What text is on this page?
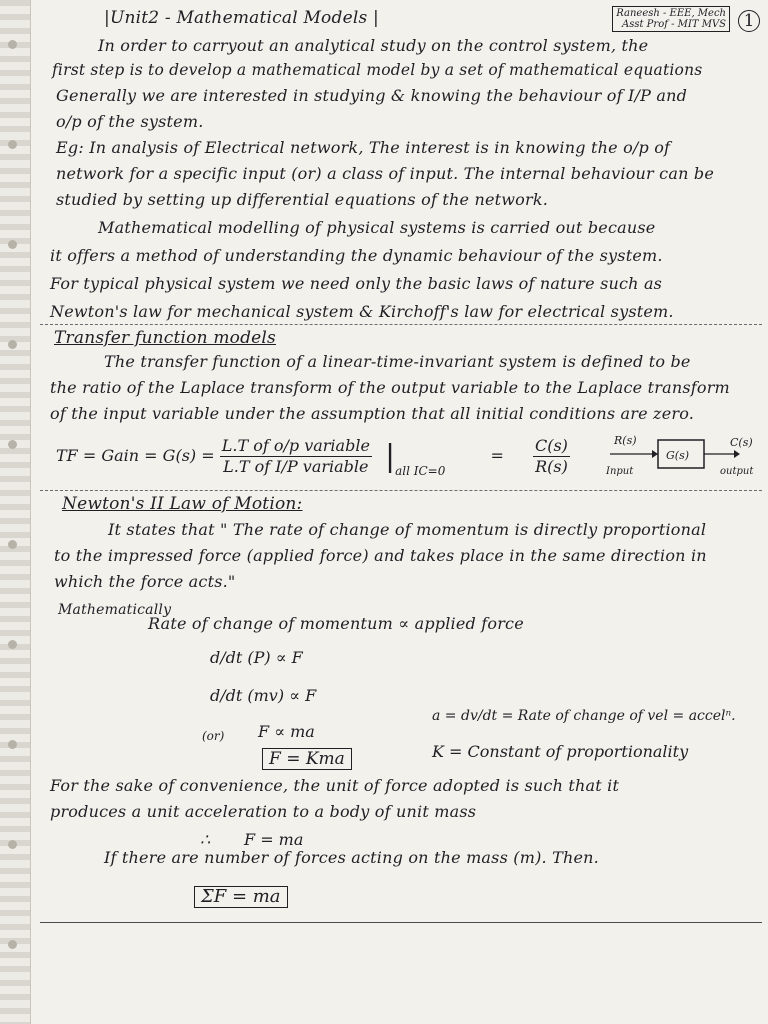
|Unit2 - Mathematical Models |	Raneesh - EEE, Mech
Asst Prof - MIT MVS	1
In order to carryout an analytical study on the control system, the
first step is to develop a mathematical model by a set of mathematical equations
Generally we are interested in studying & knowing the behaviour of I/P and
o/p of the system.
Eg: In analysis of Electrical network, The interest is in knowing the o/p of
network for a specific input (or) a class of input. The internal behaviour can be
studied by setting up differential equations of the network.
Mathematical modelling of physical systems is carried out because
it offers a method of understanding the dynamic behaviour of the system.
For typical physical system we need only the basic laws of nature such as
Newton's law for mechanical system & Kirchoff's law for electrical system.
Transfer function models
The transfer function of a linear-time-invariant system is defined to be
the ratio of the Laplace transform of the output variable to the Laplace transform
of the input variable under the assumption that all initial conditions are zero.
TF = Gain = $G(s) = \frac{\text{L.T of o/p variable}}{\text{L.T of I/P variable}} |_{all IC=0} = \frac{C(s)}{R(s)}$	R(s)
G(s)
C(s)
Input	output
Newton's II Law of Motion:
It states that " The rate of change of momentum is directly proportional
to the impressed force (applied force) and takes place in the same direction in
which the force acts."
Mathematically
Rate of change of momentum ∝ applied force
d/dt (P) ∝ F
d/dt (mv) ∝ F
(or) F ∝ ma
a = dv/dt = Rate of change of vel = accelⁿ.
F = Kma	K = Constant of proportionality
For the sake of convenience, the unit of force adopted is such that it
produces a unit acceleration to a body of unit mass
∴ F = ma
If there are number of forces acting on the mass (m). Then.
ΣF = ma
